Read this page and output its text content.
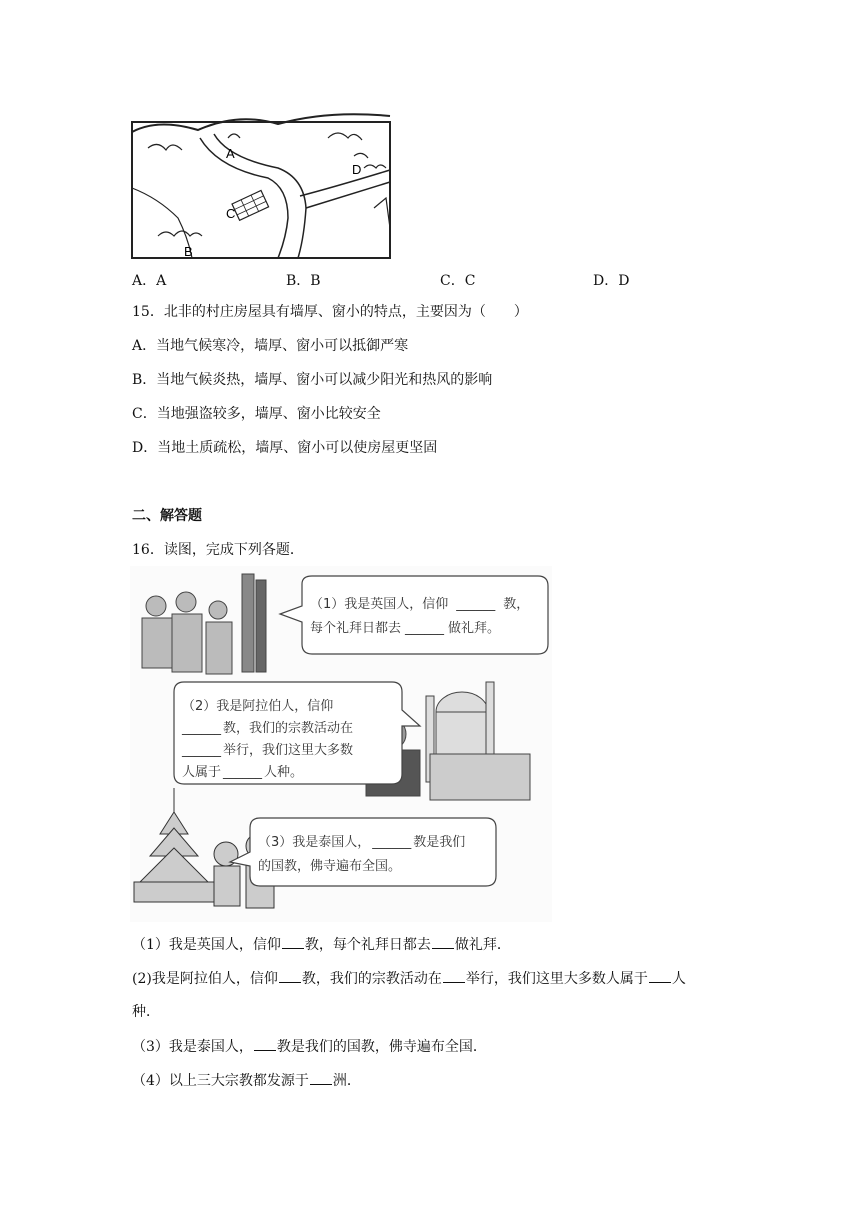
A
B
C
D
A．A	B．B	C．C	D．D
15．北非的村庄房屋具有墙厚、窗小的特点，主要因为（　　）
A．当地气候寒冷，墙厚、窗小可以抵御严寒
B．当地气候炎热，墙厚、窗小可以减少阳光和热风的影响
C．当地强盗较多，墙厚、窗小比较安全
D．当地土质疏松，墙厚、窗小可以使房屋更坚固
二、解答题
16．读图，完成下列各题．
（1）我是英国人，信仰 ______ 教，
每个礼拜日都去 ______ 做礼拜。
（2）我是阿拉伯人，信仰
______ 教，我们的宗教活动在
______ 举行，我们这里大多数
人属于 ______ 人种。
（3）我是泰国人， ______ 教是我们
的国教，佛寺遍布全国。
（1）我是英国人，信仰 教，每个礼拜日都去 做礼拜．
(2)我是阿拉伯人，信仰 教，我们的宗教活动在 举行，我们这里大多数人属于 人
种．
（3）我是泰国人， 教是我们的国教，佛寺遍布全国．
（4）以上三大宗教都发源于 洲．
